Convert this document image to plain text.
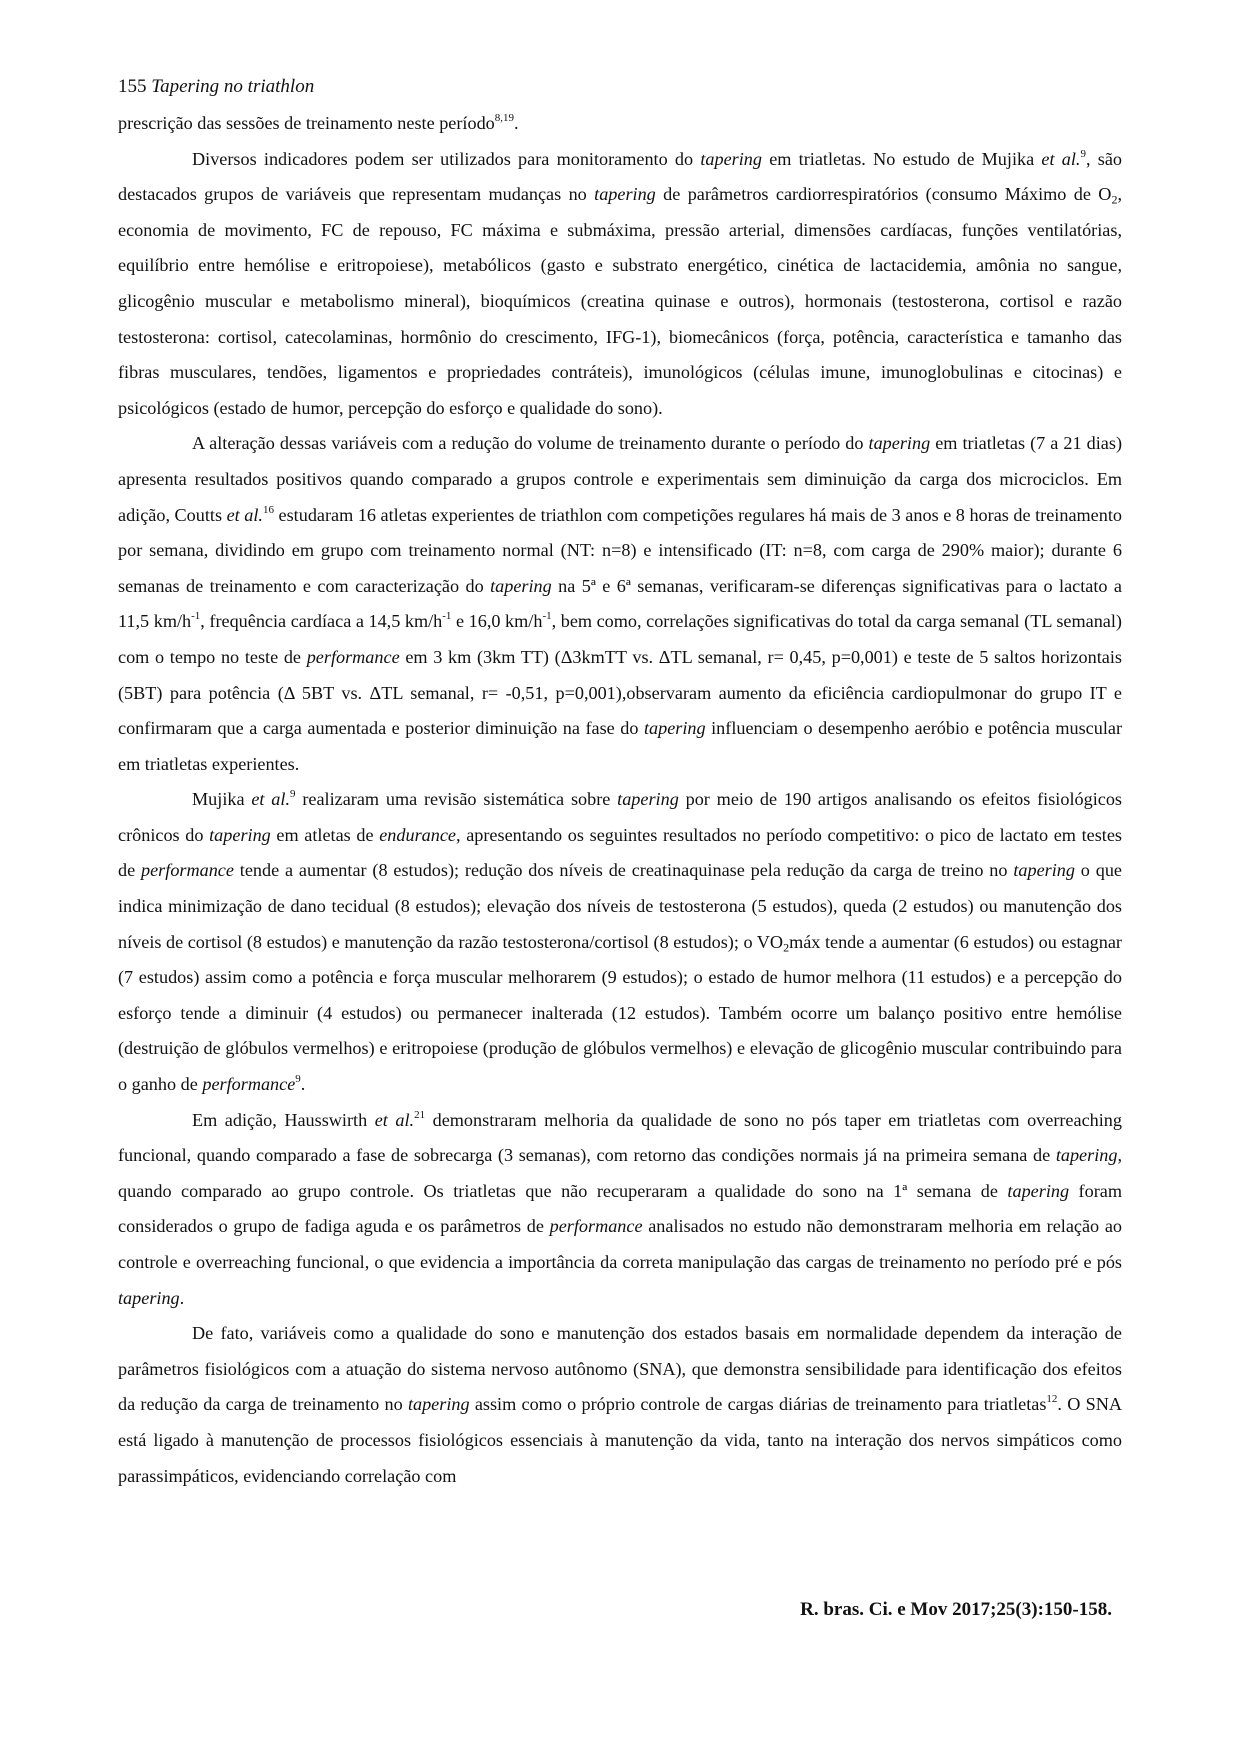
155 Tapering no triathlon

prescrição das sessões de treinamento neste período$^{8,19}$.

Diversos indicadores podem ser utilizados para monitoramento do tapering em triatletas. No estudo de Mujika et al.$^9$, são destacados grupos de variáveis que representam mudanças no tapering de parâmetros cardiorrespiratórios (consumo Máximo de $O_2$, economia de movimento, FC de repouso, FC máxima e submáxima, pressão arterial, dimensões cardíacas, funções ventilatórias, equilíbrio entre hemólise e eritropoiese), metabólicos (gasto e substrato energético, cinética de lactacidemia, amônia no sangue, glicogênio muscular e metabolismo mineral), bioquímicos (creatina quinase e outros), hormonais (testosterona, cortisol e razão testosterona: cortisol, catecolaminas, hormônio do crescimento, IFG-1), biomecânicos (força, potência, característica e tamanho das fibras musculares, tendões, ligamentos e propriedades contráteis), imunológicos (células imune, imunoglobulinas e citocinas) e psicológicos (estado de humor, percepção do esforço e qualidade do sono).

A alteração dessas variáveis com a redução do volume de treinamento durante o período do tapering em triatletas (7 a 21 dias) apresenta resultados positivos quando comparado a grupos controle e experimentais sem diminuição da carga dos microciclos. Em adição, Coutts et al.$^{16}$ estudaram 16 atletas experientes de triathlon com competições regulares há mais de 3 anos e 8 horas de treinamento por semana, dividindo em grupo com treinamento normal (NT: n=8) e intensificado (IT: n=8, com carga de 290% maior); durante 6 semanas de treinamento e com caracterização do tapering na 5ª e 6ª semanas, verificaram-se diferenças significativas para o lactato a 11,5 $km/h^{-1}$, frequência cardíaca a 14,5 $km/h^{-1}$ e 16,0 $km/h^{-1}$, bem como, correlações significativas do total da carga semanal (TL semanal) com o tempo no teste de performance em 3 km (3km TT) (Δ3kmTT vs. ΔTL semanal, r= 0,45, p=0,001) e teste de 5 saltos horizontais (5BT) para potência (Δ 5BT vs. ΔTL semanal, r= -0,51, p=0,001),observaram aumento da eficiência cardiopulmonar do grupo IT e confirmaram que a carga aumentada e posterior diminuição na fase do tapering influenciam o desempenho aeróbio e potência muscular em triatletas experientes.

Mujika et al.$^9$ realizaram uma revisão sistemática sobre tapering por meio de 190 artigos analisando os efeitos fisiológicos crônicos do tapering em atletas de endurance, apresentando os seguintes resultados no período competitivo: o pico de lactato em testes de performance tende a aumentar (8 estudos); redução dos níveis de creatinaquinase pela redução da carga de treino no tapering o que indica minimização de dano tecidual (8 estudos); elevação dos níveis de testosterona (5 estudos), queda (2 estudos) ou manutenção dos níveis de cortisol (8 estudos) e manutenção da razão testosterona/cortisol (8 estudos); o $VO_2máx$ tende a aumentar (6 estudos) ou estagnar (7 estudos) assim como a potência e força muscular melhorarem (9 estudos); o estado de humor melhora (11 estudos) e a percepção do esforço tende a diminuir (4 estudos) ou permanecer inalterada (12 estudos). Também ocorre um balanço positivo entre hemólise (destruição de glóbulos vermelhos) e eritropoiese (produção de glóbulos vermelhos) e elevação de glicogênio muscular contribuindo para o ganho de performance$^9$.

Em adição, Hausswirth et al.$^{21}$ demonstraram melhoria da qualidade de sono no pós taper em triatletas com overreaching funcional, quando comparado a fase de sobrecarga (3 semanas), com retorno das condições normais já na primeira semana de tapering, quando comparado ao grupo controle. Os triatletas que não recuperaram a qualidade do sono na 1ª semana de tapering foram considerados o grupo de fadiga aguda e os parâmetros de performance analisados no estudo não demonstraram melhoria em relação ao controle e overreaching funcional, o que evidencia a importância da correta manipulação das cargas de treinamento no período pré e pós tapering.

De fato, variáveis como a qualidade do sono e manutenção dos estados basais em normalidade dependem da interação de parâmetros fisiológicos com a atuação do sistema nervoso autônomo (SNA), que demonstra sensibilidade para identificação dos efeitos da redução da carga de treinamento no tapering assim como o próprio controle de cargas diárias de treinamento para triatletas$^{12}$. O SNA está ligado à manutenção de processos fisiológicos essenciais à manutenção da vida, tanto na interação dos nervos simpáticos como parassimpáticos, evidenciando correlação com

R. bras. Ci. e Mov 2017;25(3):150-158.
